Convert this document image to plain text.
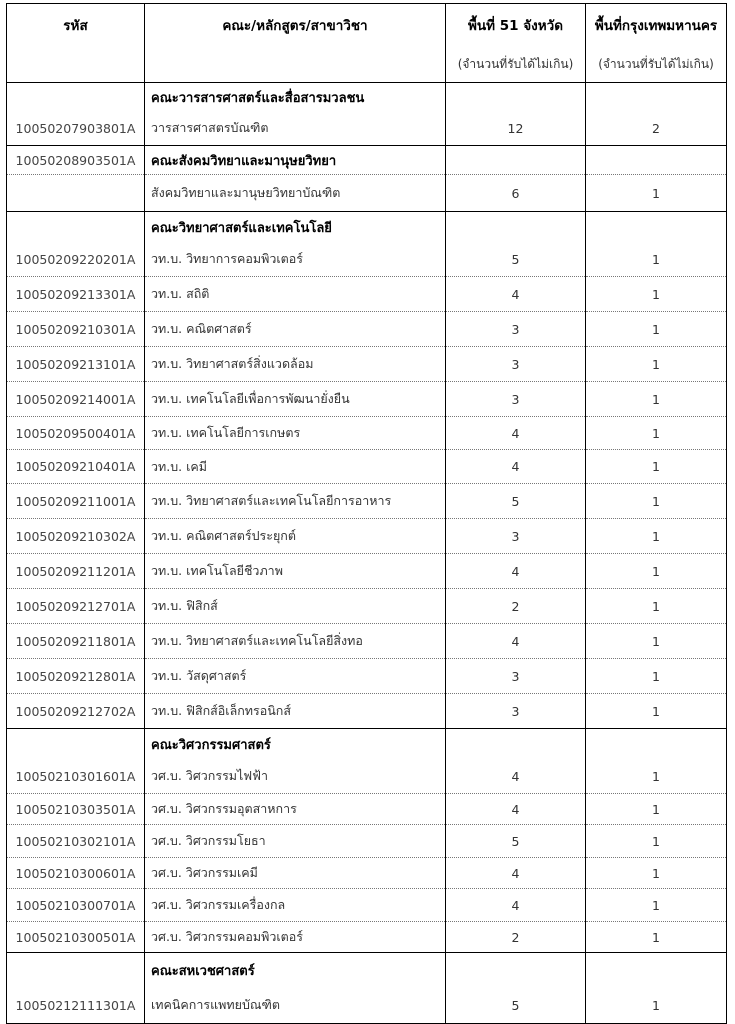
รหัส	คณะ/หลักสูตร/สาขาวิชา	พื้นที่ 51 จังหวัด	พื้นที่กรุงเทพมหานคร
		(จำนวนที่รับได้ไม่เกิน)	(จำนวนที่รับได้ไม่เกิน)
	คณะวารสารศาสตร์และสื่อสารมวลชน		
10050207903801A	วารสารศาสตรบัณฑิต	12	2
10050208903501A	คณะสังคมวิทยาและมานุษยวิทยา		
	สังคมวิทยาและมานุษยวิทยาบัณฑิต	6	1
	คณะวิทยาศาสตร์และเทคโนโลยี		
10050209220201A	วท.บ. วิทยาการคอมพิวเตอร์	5	1
10050209213301A	วท.บ. สถิติ	4	1
10050209210301A	วท.บ. คณิตศาสตร์	3	1
10050209213101A	วท.บ. วิทยาศาสตร์สิ่งแวดล้อม	3	1
10050209214001A	วท.บ. เทคโนโลยีเพื่อการพัฒนายั่งยืน	3	1
10050209500401A	วท.บ. เทคโนโลยีการเกษตร	4	1
10050209210401A	วท.บ. เคมี	4	1
10050209211001A	วท.บ. วิทยาศาสตร์และเทคโนโลยีการอาหาร	5	1
10050209210302A	วท.บ. คณิตศาสตร์ประยุกต์	3	1
10050209211201A	วท.บ. เทคโนโลยีชีวภาพ	4	1
10050209212701A	วท.บ. ฟิสิกส์	2	1
10050209211801A	วท.บ. วิทยาศาสตร์และเทคโนโลยีสิ่งทอ	4	1
10050209212801A	วท.บ. วัสดุศาสตร์	3	1
10050209212702A	วท.บ. ฟิสิกส์อิเล็กทรอนิกส์	3	1
	คณะวิศวกรรมศาสตร์		
10050210301601A	วศ.บ. วิศวกรรมไฟฟ้า	4	1
10050210303501A	วศ.บ. วิศวกรรมอุตสาหการ	4	1
10050210302101A	วศ.บ. วิศวกรรมโยธา	5	1
10050210300601A	วศ.บ. วิศวกรรมเคมี	4	1
10050210300701A	วศ.บ. วิศวกรรมเครื่องกล	4	1
10050210300501A	วศ.บ. วิศวกรรมคอมพิวเตอร์	2	1
	คณะสหเวชศาสตร์		
10050212111301A	เทคนิคการแพทยบัณฑิต	5	1
